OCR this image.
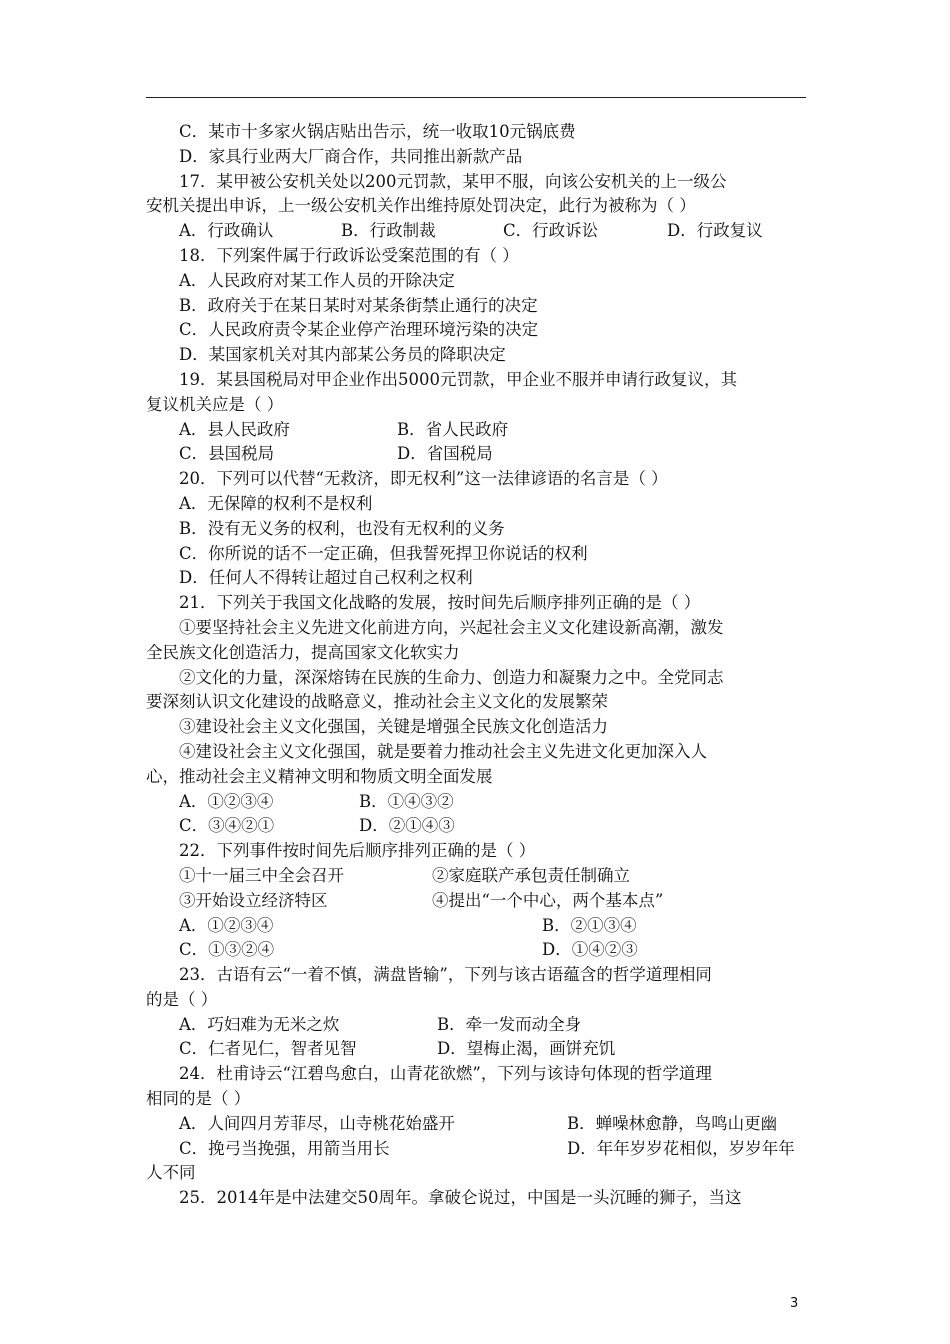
C．某市十多家火锅店贴出告示，统一收取10元锅底费
D．家具行业两大厂商合作，共同推出新款产品
17．某甲被公安机关处以200元罚款，某甲不服，向该公安机关的上一级公
安机关提出申诉，上一级公安机关作出维持原处罚决定，此行为被称为（ ）
A．行政确认	B．行政制裁	C．行政诉讼	D．行政复议
18．下列案件属于行政诉讼受案范围的有（ ）
A．人民政府对某工作人员的开除决定
B．政府关于在某日某时对某条街禁止通行的决定
C．人民政府责令某企业停产治理环境污染的决定
D．某国家机关对其内部某公务员的降职决定
19．某县国税局对甲企业作出5000元罚款，甲企业不服并申请行政复议，其
复议机关应是（ ）
A．县人民政府	B．省人民政府
C．县国税局	D．省国税局
20．下列可以代替“无救济，即无权利”这一法律谚语的名言是（ ）
A．无保障的权利不是权利
B．没有无义务的权利，也没有无权利的义务
C．你所说的话不一定正确，但我誓死捍卫你说话的权利
D．任何人不得转让超过自己权利之权利
21．下列关于我国文化战略的发展，按时间先后顺序排列正确的是（ ）
①要坚持社会主义先进文化前进方向，兴起社会主义文化建设新高潮，激发
全民族文化创造活力，提高国家文化软实力
②文化的力量，深深熔铸在民族的生命力、创造力和凝聚力之中。全党同志
要深刻认识文化建设的战略意义，推动社会主义文化的发展繁荣
③建设社会主义文化强国，关键是增强全民族文化创造活力
④建设社会主义文化强国，就是要着力推动社会主义先进文化更加深入人
心，推动社会主义精神文明和物质文明全面发展
A．①②③④	B．①④③②
C．③④②①	D．②①④③
22．下列事件按时间先后顺序排列正确的是（ ）
①十一届三中全会召开	②家庭联产承包责任制确立
③开始设立经济特区	④提出“一个中心，两个基本点”
A．①②③④	B．②①③④
C．①③②④	D．①④②③
23．古语有云“一着不慎，满盘皆输”，下列与该古语蕴含的哲学道理相同
的是（ ）
A．巧妇难为无米之炊	B．牵一发而动全身
C．仁者见仁，智者见智	D．望梅止渴，画饼充饥
24．杜甫诗云“江碧鸟愈白，山青花欲燃”，下列与该诗句体现的哲学道理
相同的是（ ）
A．人间四月芳菲尽，山寺桃花始盛开	B．蝉噪林愈静，鸟鸣山更幽
C．挽弓当挽强，用箭当用长	D．年年岁岁花相似，岁岁年年
人不同
25．2014年是中法建交50周年。拿破仑说过，中国是一头沉睡的狮子，当这
3
